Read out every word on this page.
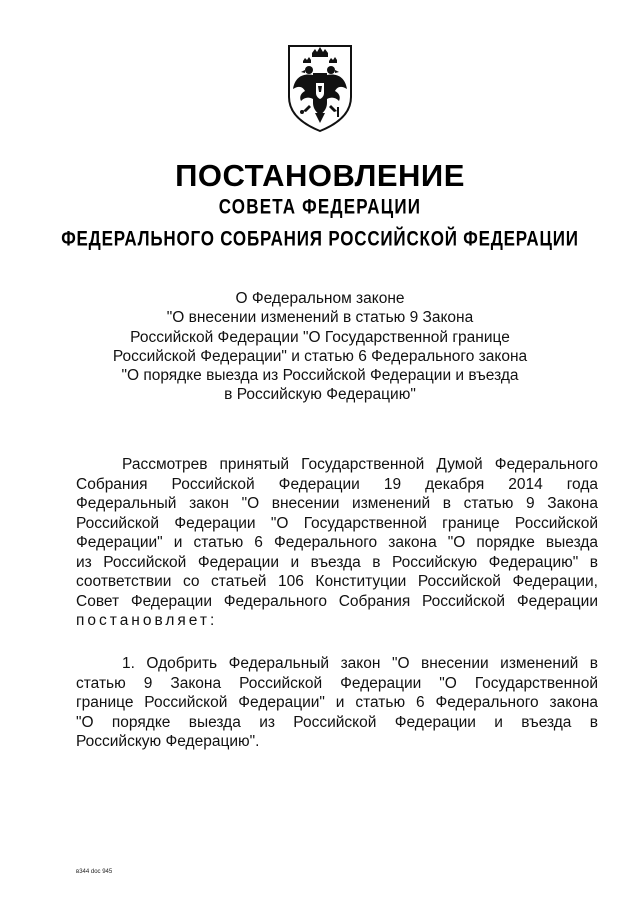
ПОСТАНОВЛЕНИЕ
СОВЕТА ФЕДЕРАЦИИ
ФЕДЕРАЛЬНОГО СОБРАНИЯ РОССИЙСКОЙ ФЕДЕРАЦИИ
О Федеральном законе
"О внесении изменений в статью 9 Закона
Российской Федерации "О Государственной границе
Российской Федерации" и статью 6 Федерального закона
"О порядке выезда из Российской Федерации и въезда
в Российскую Федерацию"
Рассмотрев принятый Государственной Думой Федерального
Собрания Российской Федерации 19 декабря 2014 года
Федеральный закон "О внесении изменений в статью 9 Закона
Российской Федерации "О Государственной границе Российской
Федерации" и статью 6 Федерального закона "О порядке выезда
из Российской Федерации и въезда в Российскую Федерацию" в
соответствии со статьей 106 Конституции Российской Федерации,
Совет Федерации Федерального Собрания Российской Федерации
постановляет:
1. Одобрить Федеральный закон "О внесении изменений в
статью 9 Закона Российской Федерации "О Государственной
границе Российской Федерации" и статью 6 Федерального закона
"О порядке выезда из Российской Федерации и въезда в
Российскую Федерацию".
в344 doc 945
